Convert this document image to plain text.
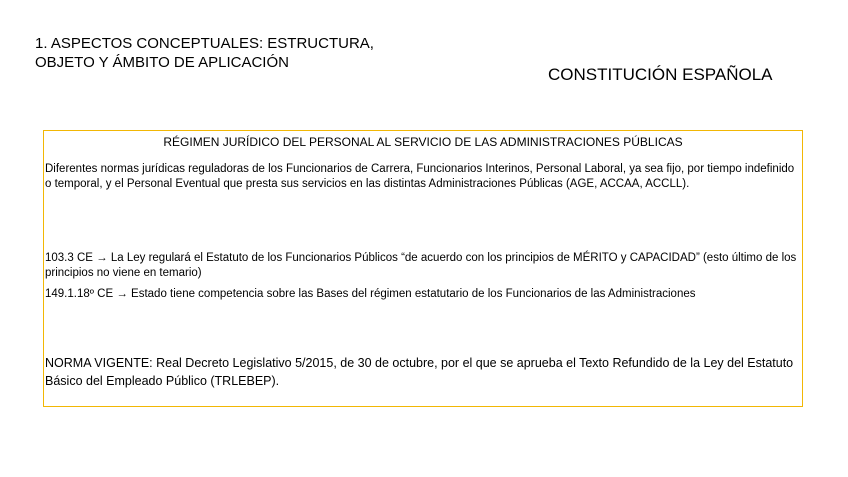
1. ASPECTOS CONCEPTUALES: ESTRUCTURA,
OBJETO Y ÁMBITO DE APLICACIÓN
CONSTITUCIÓN ESPAÑOLA
RÉGIMEN JURÍDICO DEL PERSONAL AL SERVICIO DE LAS ADMINISTRACIONES PÚBLICAS

Diferentes normas jurídicas reguladoras de los Funcionarios de Carrera, Funcionarios Interinos, Personal Laboral, ya sea fijo, por tiempo indefinido o temporal, y el Personal Eventual que presta sus servicios en las distintas Administraciones Públicas (AGE, ACCAA, ACCLL).

103.3 CE → La Ley regulará el Estatuto de los Funcionarios Públicos “de acuerdo con los principios de MÉRITO y CAPACIDAD” (esto último de los principios no viene en temario)

149.1.18º CE → Estado tiene competencia sobre las Bases del régimen estatutario de los Funcionarios de las Administraciones

NORMA VIGENTE: Real Decreto Legislativo 5/2015, de 30 de octubre, por el que se aprueba el Texto Refundido de la Ley del Estatuto Básico del Empleado Público (TRLEBEP).
